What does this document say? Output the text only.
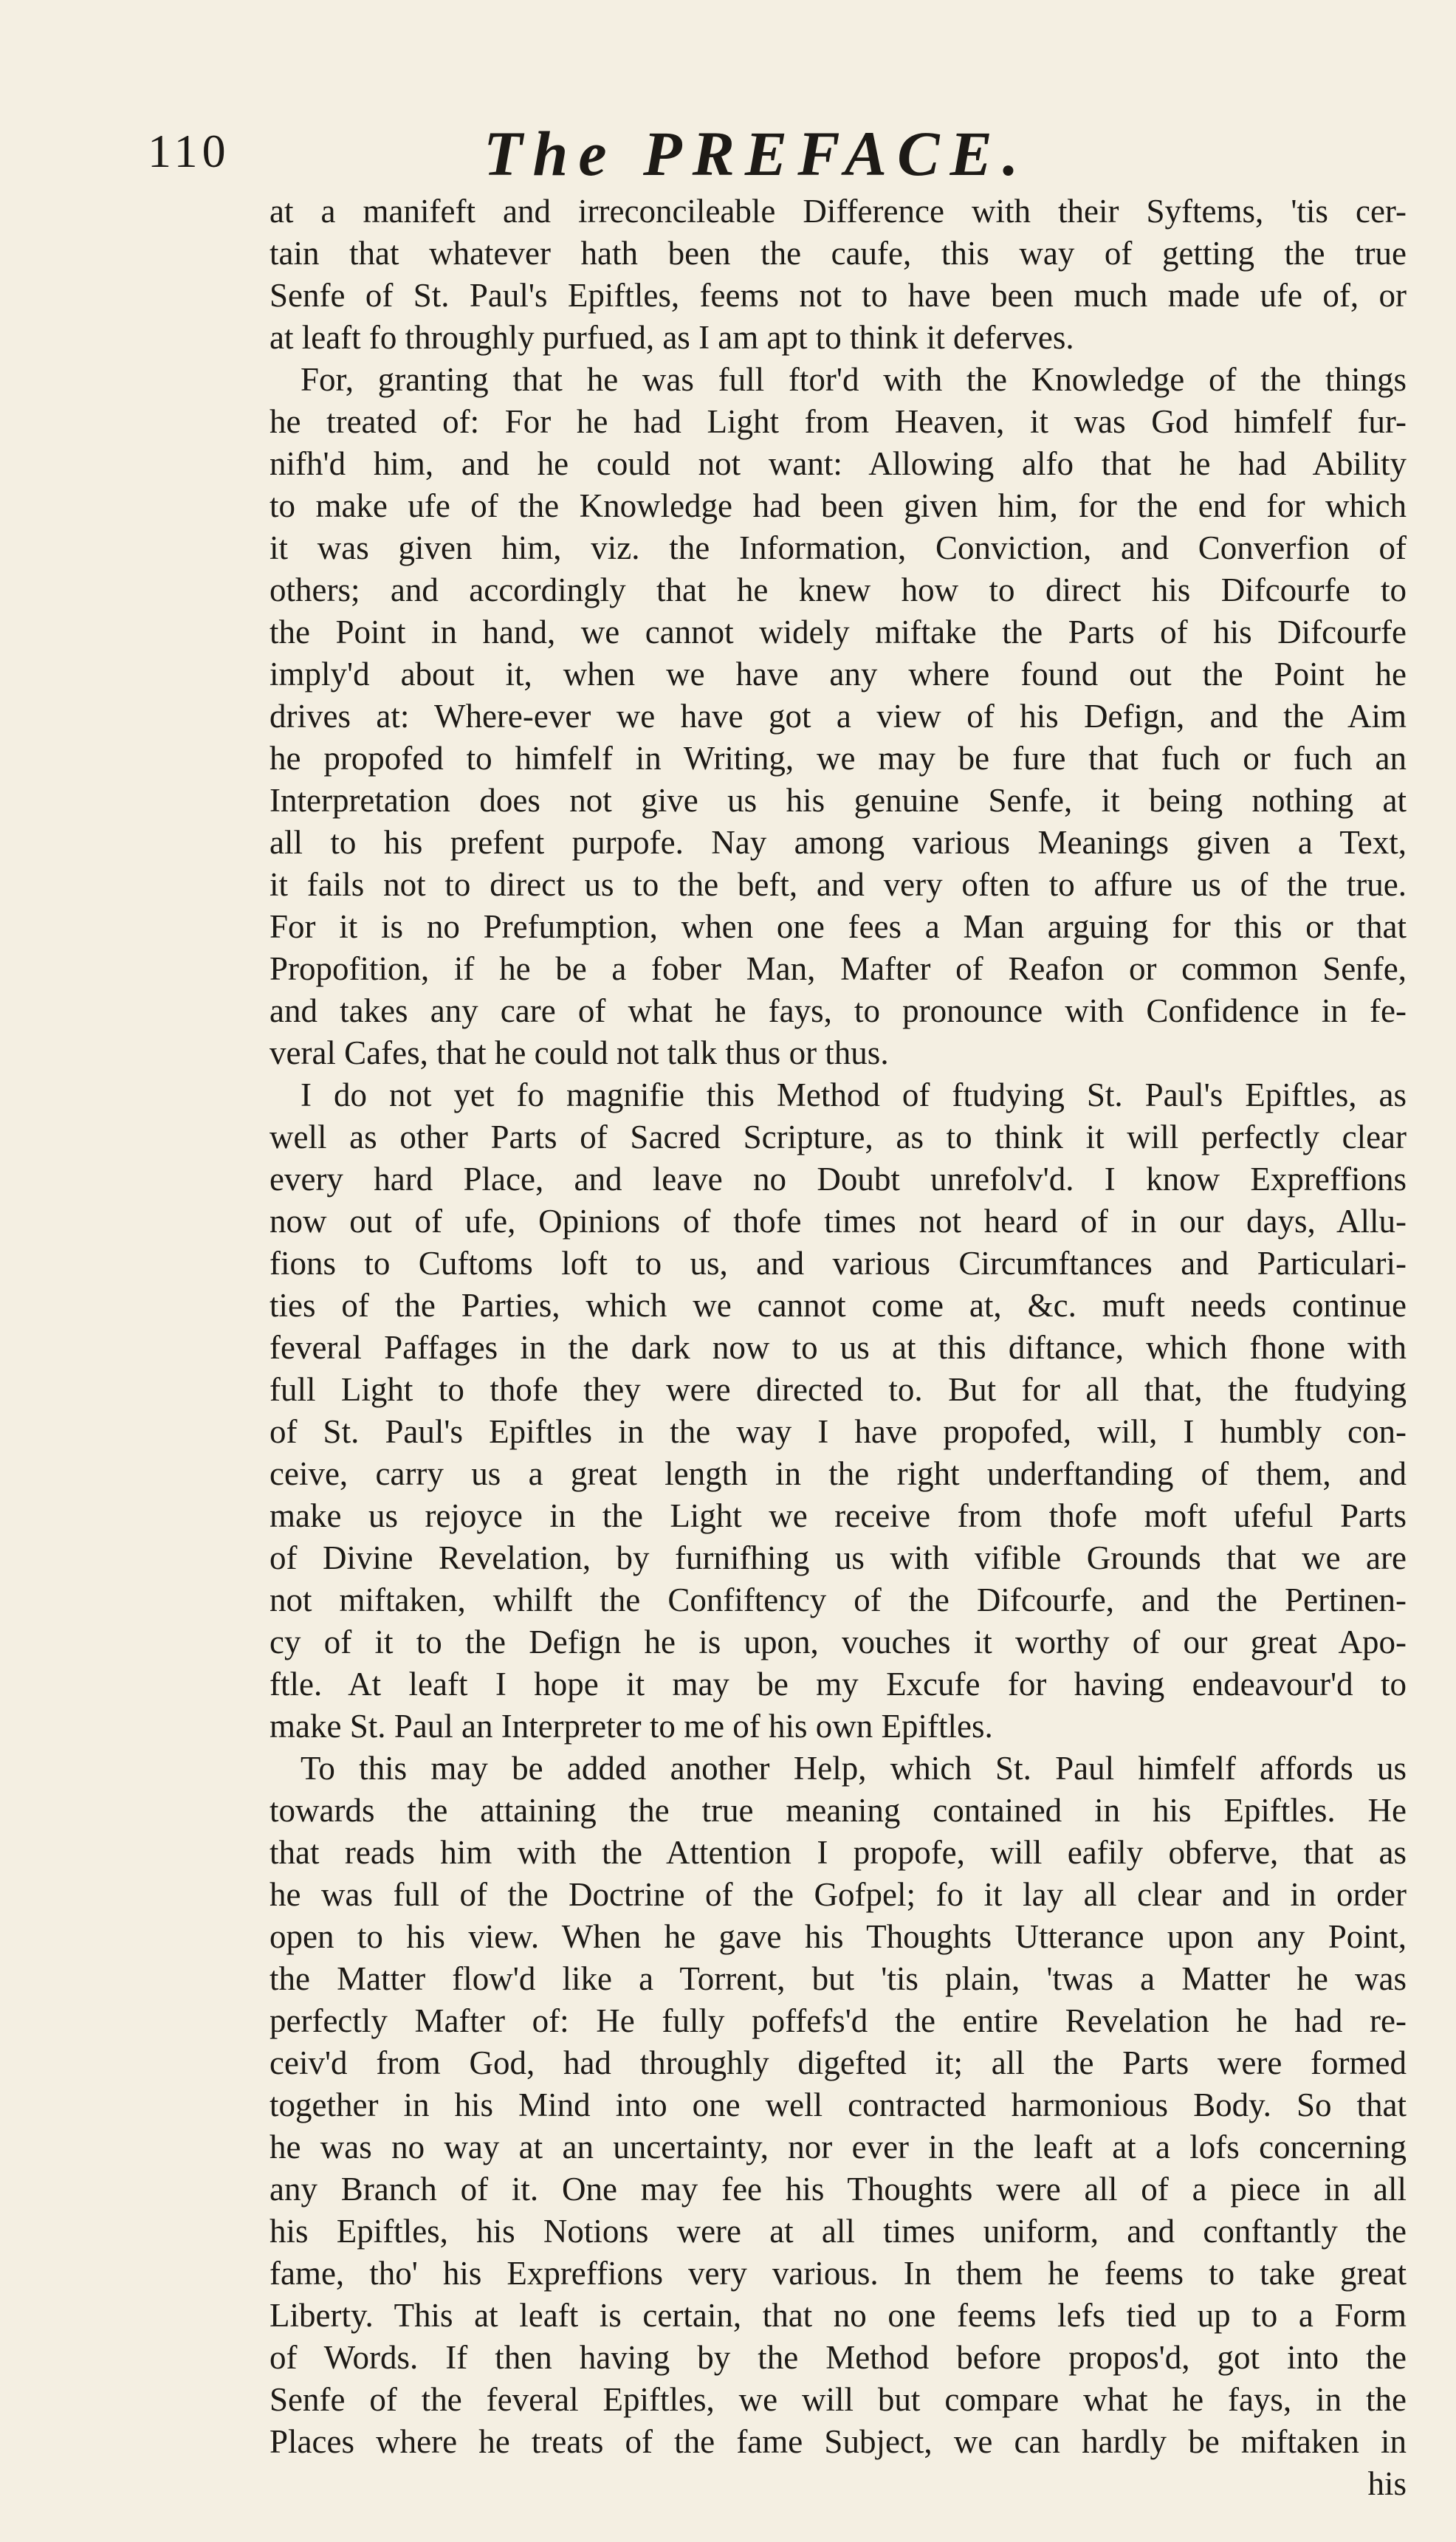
110	The PREFACE.
at a manifeft and irreconcileable Difference with their Syftems, 'tis cer-
tain that whatever hath been the caufe, this way of getting the true
Senfe of St. Paul's Epiftles, feems not to have been much made ufe of, or
at leaft fo throughly purfued, as I am apt to think it deferves.
For, granting that he was full ftor'd with the Knowledge of the things
he treated of: For he had Light from Heaven, it was God himfelf fur-
nifh'd him, and he could not want: Allowing alfo that he had Ability
to make ufe of the Knowledge had been given him, for the end for which
it was given him, viz. the Information, Conviction, and Converfion of
others; and accordingly that he knew how to direct his Difcourfe to
the Point in hand, we cannot widely miftake the Parts of his Difcourfe
imply'd about it, when we have any where found out the Point he
drives at: Where-ever we have got a view of his Defign, and the Aim
he propofed to himfelf in Writing, we may be fure that fuch or fuch an
Interpretation does not give us his genuine Senfe, it being nothing at
all to his prefent purpofe. Nay among various Meanings given a Text,
it fails not to direct us to the beft, and very often to affure us of the true.
For it is no Prefumption, when one fees a Man arguing for this or that
Propofition, if he be a fober Man, Mafter of Reafon or common Senfe,
and takes any care of what he fays, to pronounce with Confidence in fe-
veral Cafes, that he could not talk thus or thus.
I do not yet fo magnifie this Method of ftudying St. Paul's Epiftles, as
well as other Parts of Sacred Scripture, as to think it will perfectly clear
every hard Place, and leave no Doubt unrefolv'd. I know Expreffions
now out of ufe, Opinions of thofe times not heard of in our days, Allu-
fions to Cuftoms loft to us, and various Circumftances and Particulari-
ties of the Parties, which we cannot come at, &c. muft needs continue
feveral Paffages in the dark now to us at this diftance, which fhone with
full Light to thofe they were directed to. But for all that, the ftudying
of St. Paul's Epiftles in the way I have propofed, will, I humbly con-
ceive, carry us a great length in the right underftanding of them, and
make us rejoyce in the Light we receive from thofe moft ufeful Parts
of Divine Revelation, by furnifhing us with vifible Grounds that we are
not miftaken, whilft the Confiftency of the Difcourfe, and the Pertinen-
cy of it to the Defign he is upon, vouches it worthy of our great Apo-
ftle. At leaft I hope it may be my Excufe for having endeavour'd to
make St. Paul an Interpreter to me of his own Epiftles.
To this may be added another Help, which St. Paul himfelf affords us
towards the attaining the true meaning contained in his Epiftles. He
that reads him with the Attention I propofe, will eafily obferve, that as
he was full of the Doctrine of the Gofpel; fo it lay all clear and in order
open to his view. When he gave his Thoughts Utterance upon any Point,
the Matter flow'd like a Torrent, but 'tis plain, 'twas a Matter he was
perfectly Mafter of: He fully poffefs'd the entire Revelation he had re-
ceiv'd from God, had throughly digefted it; all the Parts were formed
together in his Mind into one well contracted harmonious Body. So that
he was no way at an uncertainty, nor ever in the leaft at a lofs concerning
any Branch of it. One may fee his Thoughts were all of a piece in all
his Epiftles, his Notions were at all times uniform, and conftantly the
fame, tho' his Expreffions very various. In them he feems to take great
Liberty. This at leaft is certain, that no one feems lefs tied up to a Form
of Words. If then having by the Method before propos'd, got into the
Senfe of the feveral Epiftles, we will but compare what he fays, in the
Places where he treats of the fame Subject, we can hardly be miftaken in
his
